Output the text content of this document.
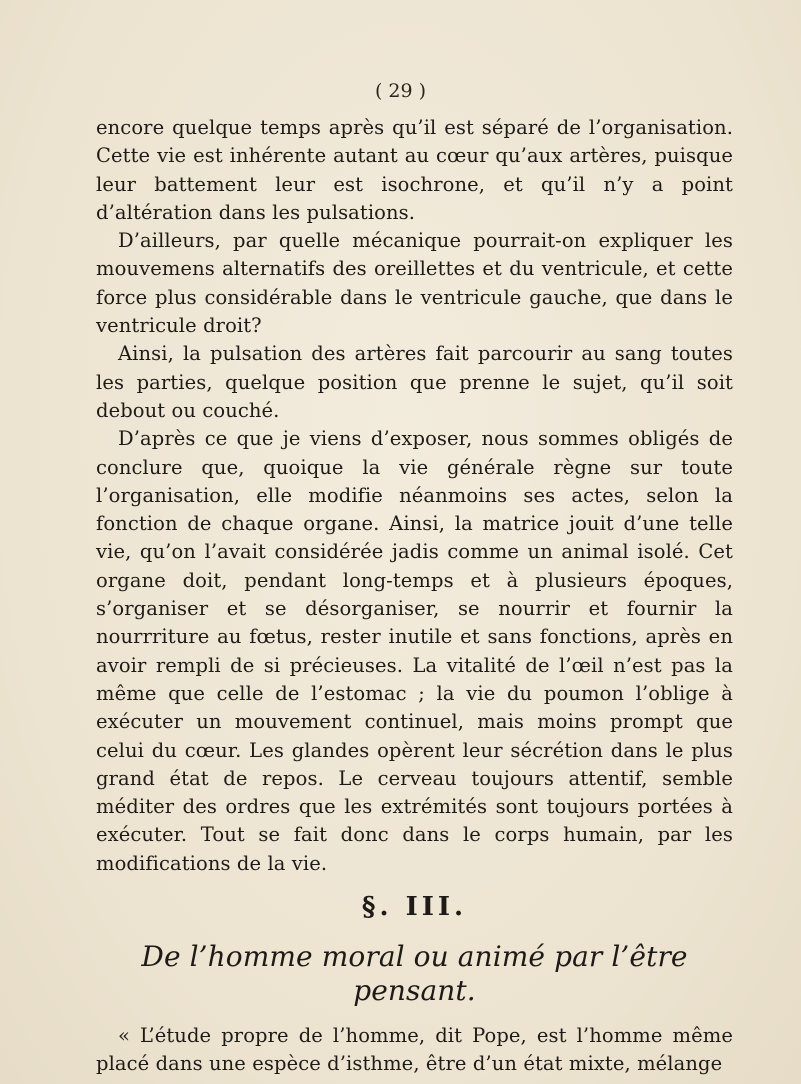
( 29 )

encore quelque temps après qu’il est séparé de l’organisation. Cette vie est inhérente autant au cœur qu’aux artères, puisque leur battement leur est isochrone, et qu’il n’y a point d’altération dans les pulsations.

D’ailleurs, par quelle mécanique pourrait-on expliquer les mouvemens alternatifs des oreillettes et du ventricule, et cette force plus considérable dans le ventricule gauche, que dans le ventricule droit?

Ainsi, la pulsation des artères fait parcourir au sang toutes les parties, quelque position que prenne le sujet, qu’il soit debout ou couché.

D’après ce que je viens d’exposer, nous sommes obligés de conclure que, quoique la vie générale règne sur toute l’organisation, elle modifie néanmoins ses actes, selon la fonction de chaque organe. Ainsi, la matrice jouit d’une telle vie, qu’on l’avait considérée jadis comme un animal isolé. Cet organe doit, pendant long-temps et à plusieurs époques, s’organiser et se désorganiser, se nourrir et fournir la nourrriture au fœtus, rester inutile et sans fonctions, après en avoir rempli de si précieuses. La vitalité de l’œil n’est pas la même que celle de l’estomac ; la vie du poumon l’oblige à exécuter un mouvement continuel, mais moins prompt que celui du cœur. Les glandes opèrent leur sécrétion dans le plus grand état de repos. Le cerveau toujours attentif, semble méditer des ordres que les extrémités sont toujours portées à exécuter. Tout se fait donc dans le corps humain, par les modifications de la vie.

§. III.
De l’homme moral ou animé par l’être pensant.

« L’étude propre de l’homme, dit Pope, est l’homme même placé dans une espèce d’isthme, être d’un état mixte, mélange
